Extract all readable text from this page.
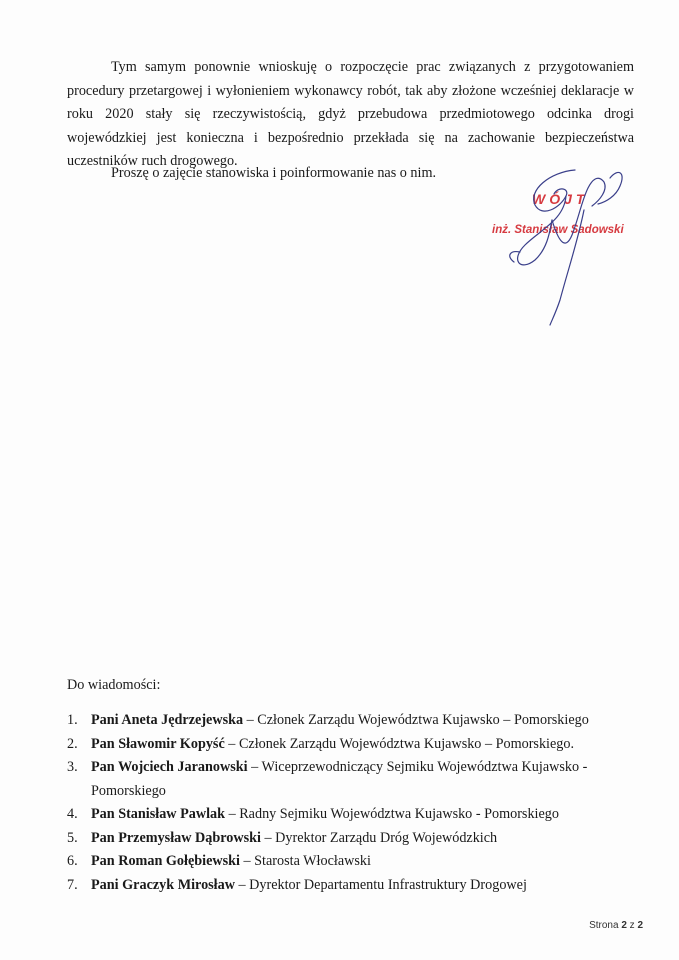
Tym samym ponownie wnioskuję o rozpoczęcie prac związanych z przygotowaniem procedury przetargowej i wyłonieniem wykonawcy robót, tak aby złożone wcześniej deklaracje w roku 2020 stały się rzeczywistością, gdyż przebudowa przedmiotowego odcinka drogi wojewódzkiej jest konieczna i bezpośrednio przekłada się na zachowanie bezpieczeństwa uczestników ruch drogowego.

Proszę o zajęcie stanowiska i poinformowanie nas o nim.

WÓJT
inż. Stanisław Sadowski
Do wiadomości:
1. Pani Aneta Jędrzejewska – Członek Zarządu Województwa Kujawsko – Pomorskiego
2. Pan Sławomir Kopyść – Członek Zarządu Województwa Kujawsko – Pomorskiego.
3. Pan Wojciech Jaranowski – Wiceprzewodniczący Sejmiku Województwa Kujawsko - Pomorskiego
4. Pan Stanisław Pawlak – Radny Sejmiku Województwa Kujawsko - Pomorskiego
5. Pan Przemysław Dąbrowski – Dyrektor Zarządu Dróg Wojewódzkich
6. Pan Roman Gołębiewski – Starosta Włocławski
7. Pani Graczyk Mirosław – Dyrektor Departamentu Infrastruktury Drogowej
Strona 2 z 2
